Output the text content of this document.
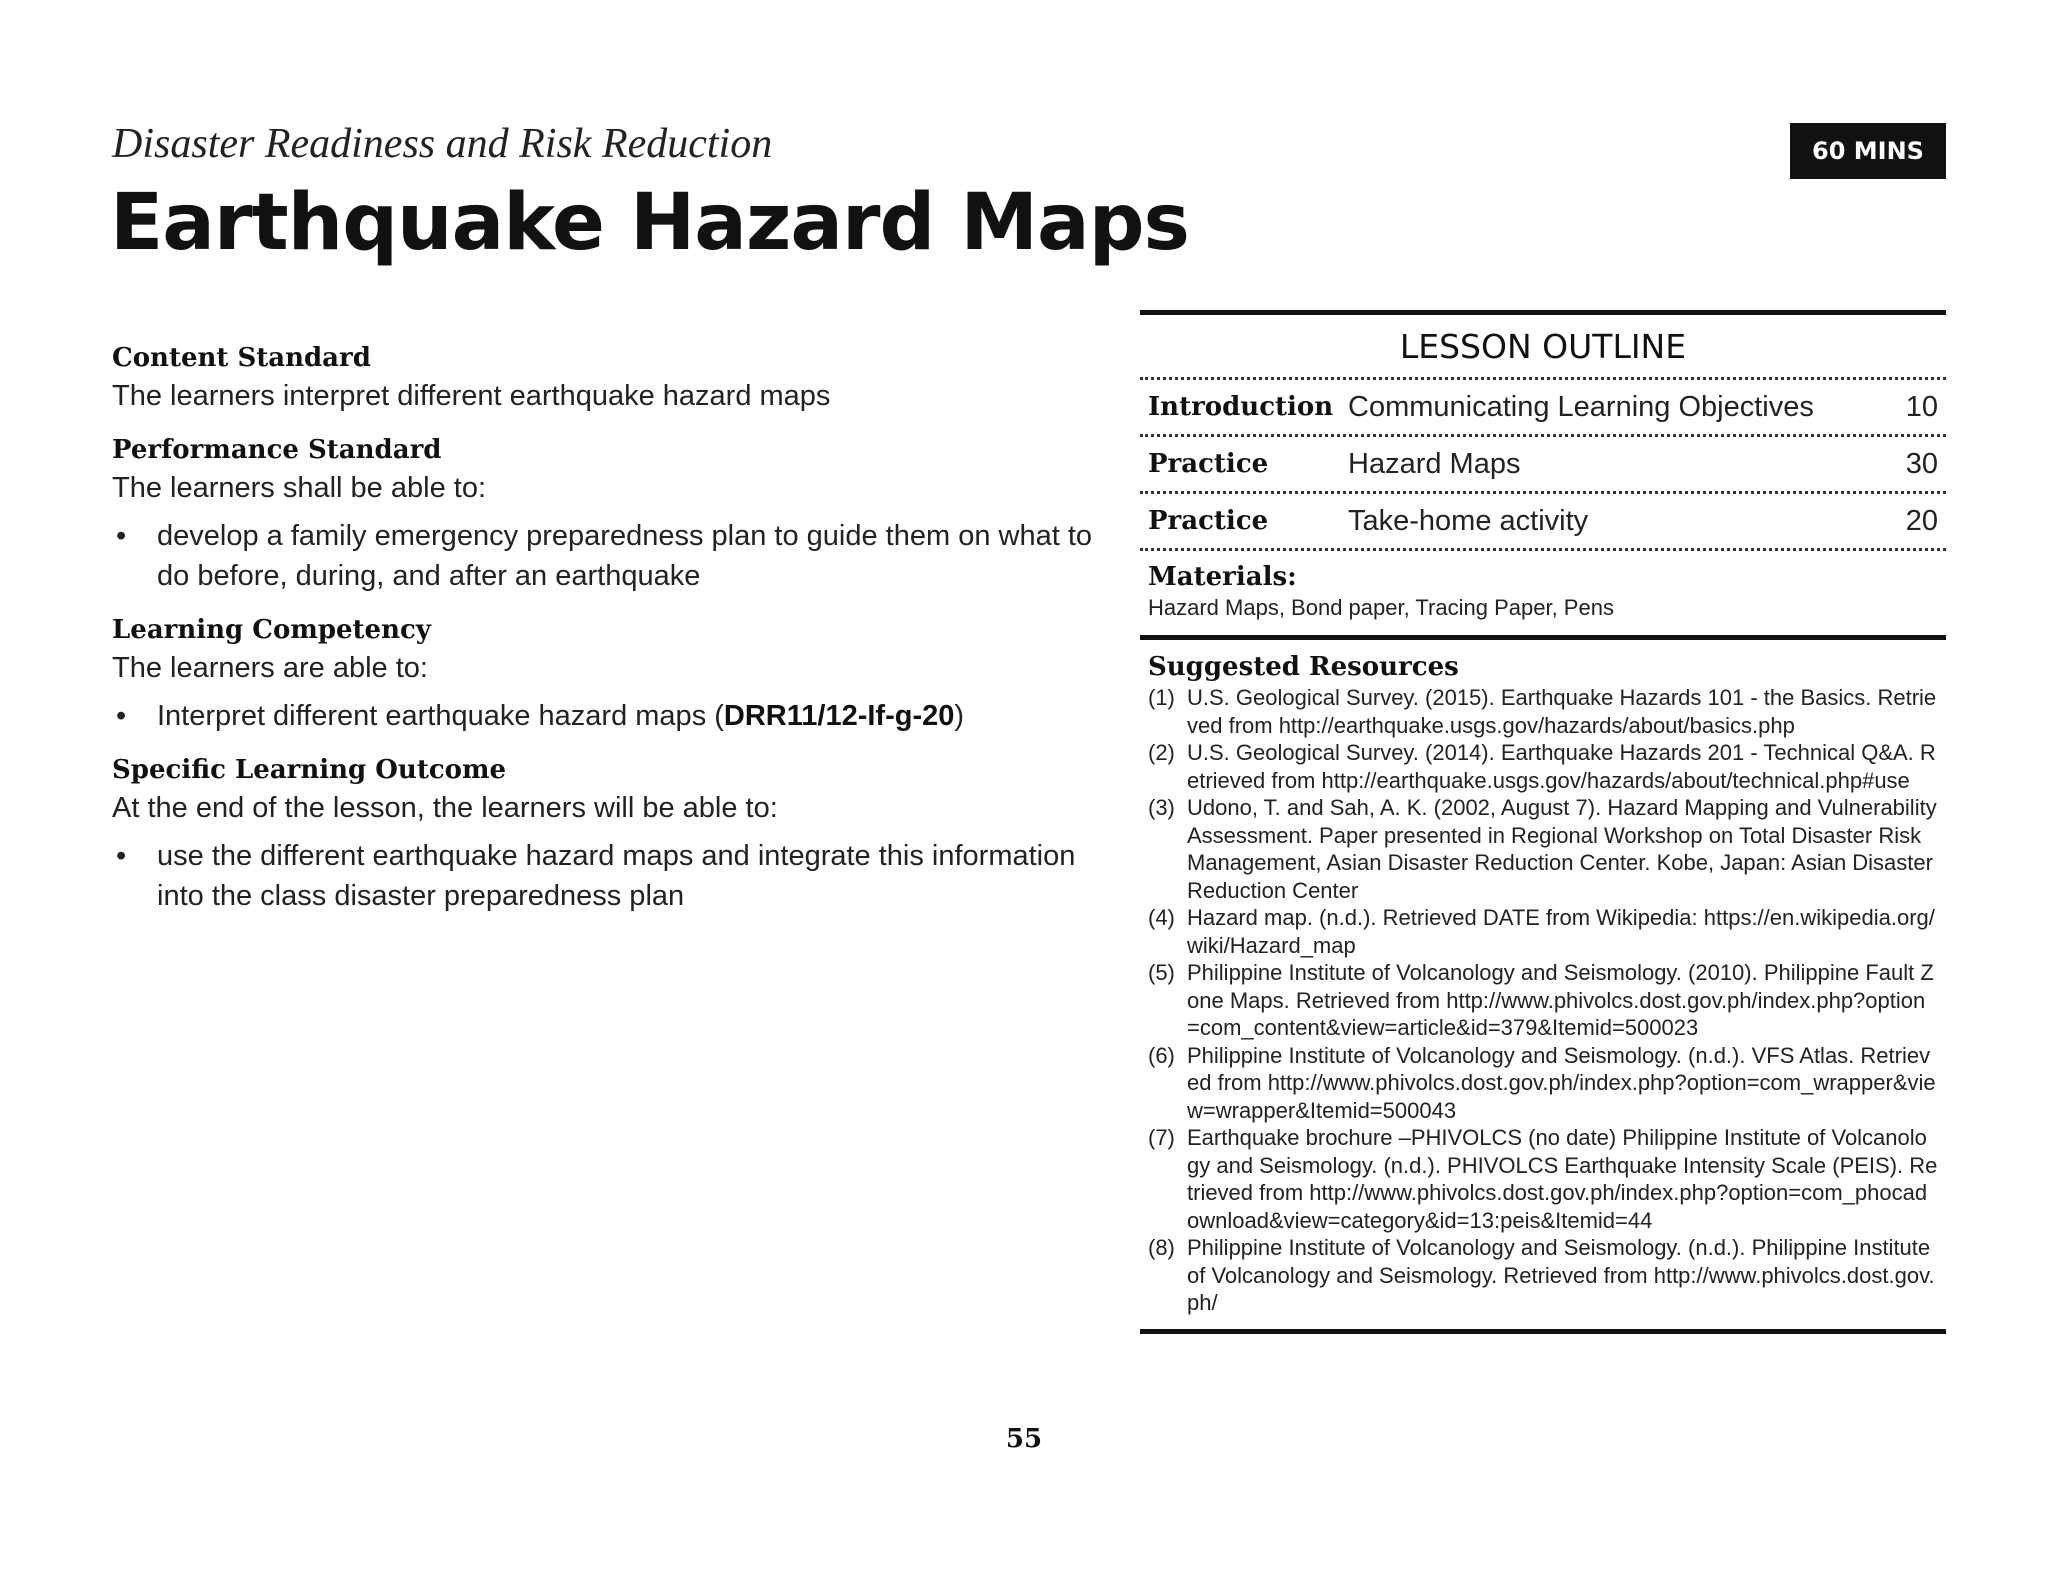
Disaster Readiness and Risk Reduction
Earthquake Hazard Maps
60 MINS

Content Standard

The learners interpret different earthquake hazard maps

Performance Standard

The learners shall be able to:

• develop a family emergency preparedness plan to guide them on what to do before, during, and after an earthquake

Learning Competency

The learners are able to:

• Interpret different earthquake hazard maps (DRR11/12-If-g-20)

Specific Learning Outcome

At the end of the lesson, the learners will be able to:

• use the different earthquake hazard maps and integrate this information into the class disaster preparedness plan
LESSON OUTLINE
Introduction Communicating Learning Objectives	10
Practice	Hazard Maps	30
Practice	Take-home activity	20
Materials:
Hazard Maps, Bond paper, Tracing Paper, Pens
Suggested Resources
(1) U.S. Geological Survey. (2015). Earthquake Hazards 101 - the Basics. Retrieved from http://earthquake.usgs.gov/hazards/about/basics.php
(2) U.S. Geological Survey. (2014). Earthquake Hazards 201 - Technical Q&A. Retrieved from http://earthquake.usgs.gov/hazards/about/technical.php#use
(3) Udono, T. and Sah, A. K. (2002, August 7). Hazard Mapping and Vulnerability Assessment. Paper presented in Regional Workshop on Total Disaster Risk Management, Asian Disaster Reduction Center. Kobe, Japan: Asian Disaster Reduction Center
(4) Hazard map. (n.d.). Retrieved DATE from Wikipedia: https://en.wikipedia.org/wiki/Hazard_map
(5) Philippine Institute of Volcanology and Seismology. (2010). Philippine Fault Zone Maps. Retrieved from http://www.phivolcs.dost.gov.ph/index.php?option=com_content&view=article&id=379&Itemid=500023
(6) Philippine Institute of Volcanology and Seismology. (n.d.). VFS Atlas. Retrieved from http://www.phivolcs.dost.gov.ph/index.php?option=com_wrapper&view=wrapper&Itemid=500043
(7) Earthquake brochure –PHIVOLCS (no date) Philippine Institute of Volcanology and Seismology. (n.d.). PHIVOLCS Earthquake Intensity Scale (PEIS). Retrieved from http://www.phivolcs.dost.gov.ph/index.php?option=com_phocadownload&view=category&id=13:peis&Itemid=44
(8) Philippine Institute of Volcanology and Seismology. (n.d.). Philippine Institute of Volcanology and Seismology. Retrieved from http://www.phivolcs.dost.gov.ph/
55
